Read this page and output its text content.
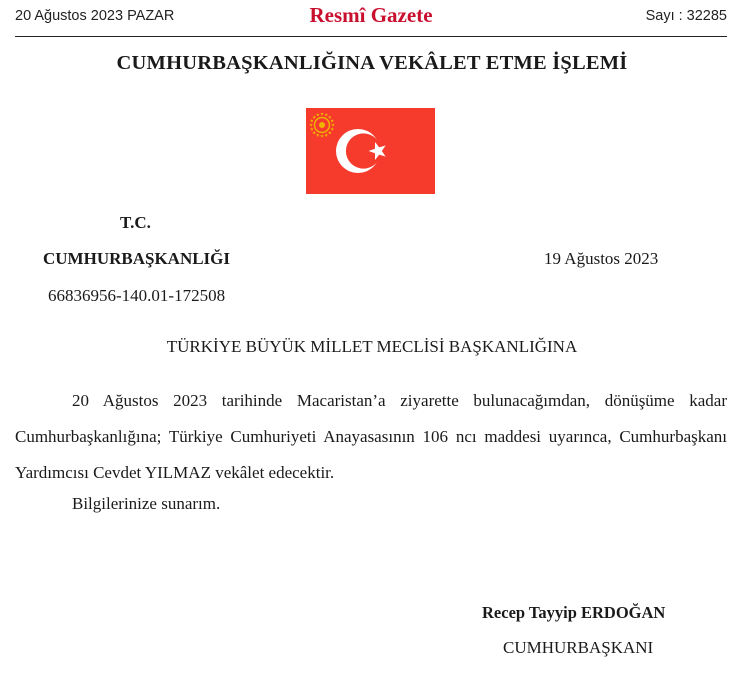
20 Ağustos 2023 PAZAR	Resmî Gazete	Sayı : 32285
CUMHURBAŞKANLIĞINA VEKÂLET ETME İŞLEMİ
T.C.
CUMHURBAŞKANLIĞI	19 Ağustos 2023
66836956-140.01-172508
TÜRKİYE BÜYÜK MİLLET MECLİSİ BAŞKANLIĞINA

20 Ağustos 2023 tarihinde Macaristan’a ziyarette bulunacağımdan, dönüşüme kadar Cumhurbaşkanlığına; Türkiye Cumhuriyeti Anayasasının 106 ncı maddesi uyarınca, Cumhurbaşkanı Yardımcısı Cevdet YILMAZ vekâlet edecektir.

Bilgilerinize sunarım.
Recep Tayyip ERDOĞAN
CUMHURBAŞKANI
